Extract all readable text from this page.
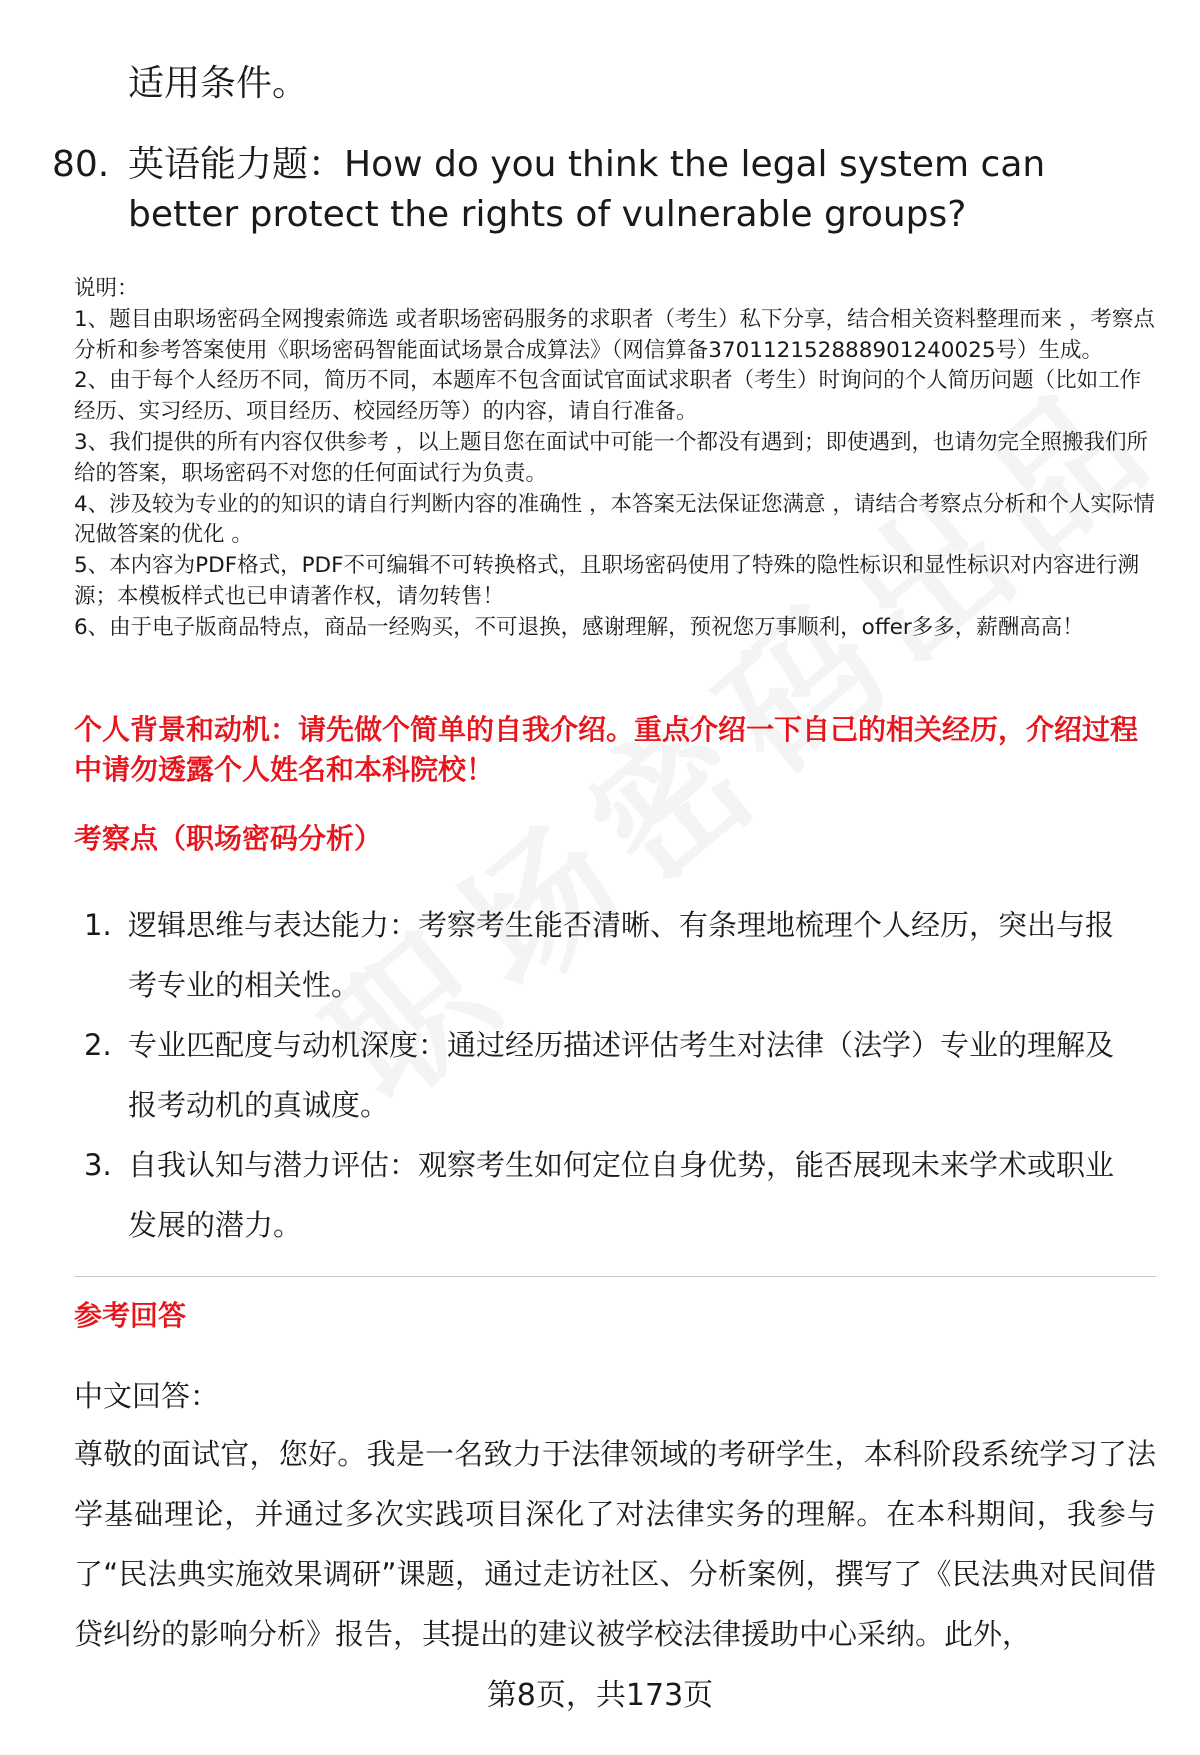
适用条件。
80. 英语能力题：How do you think the legal system can better protect the rights of vulnerable groups?
说明：
1、题目由职场密码全网搜索筛选 或者职场密码服务的求职者（考生）私下分享，结合相关资料整理而来 ，考察点分析和参考答案使用《职场密码智能面试场景合成算法》（网信算备370112152888901240025号）生成。
2、由于每个人经历不同，简历不同，本题库不包含面试官面试求职者（考生）时询问的个人简历问题（比如工作经历、实习经历、项目经历、校园经历等）的内容，请自行准备。
3、我们提供的所有内容仅供参考 ，以上题目您在面试中可能一个都没有遇到；即使遇到，也请勿完全照搬我们所给的答案，职场密码不对您的任何面试行为负责。
4、涉及较为专业的的知识的请自行判断内容的准确性 ，本答案无法保证您满意 ，请结合考察点分析和个人实际情况做答案的优化 。
5、本内容为PDF格式，PDF不可编辑不可转换格式，且职场密码使用了特殊的隐性标识和显性标识对内容进行溯源；本模板样式也已申请著作权，请勿转售！
6、由于电子版商品特点，商品一经购买，不可退换，感谢理解，预祝您万事顺利，offer多多，薪酬高高！
个人背景和动机：请先做个简单的自我介绍。重点介绍一下自己的相关经历，介绍过程中请勿透露个人姓名和本科院校！
考察点（职场密码分析）
1. 逻辑思维与表达能力：考察考生能否清晰、有条理地梳理个人经历，突出与报考专业的相关性。
2. 专业匹配度与动机深度：通过经历描述评估考生对法律（法学）专业的理解及报考动机的真诚度。
3. 自我认知与潜力评估：观察考生如何定位自身优势，能否展现未来学术或职业发展的潜力。
参考回答
中文回答：
尊敬的面试官，您好。我是一名致力于法律领域的考研学生，本科阶段系统学习了法学基础理论，并通过多次实践项目深化了对法律实务的理解。在本科期间，我参与了“民法典实施效果调研”课题，通过走访社区、分析案例，撰写了《民法典对民间借贷纠纷的影响分析》报告，其提出的建议被学校法律援助中心采纳。此外，
第8页，共173页
